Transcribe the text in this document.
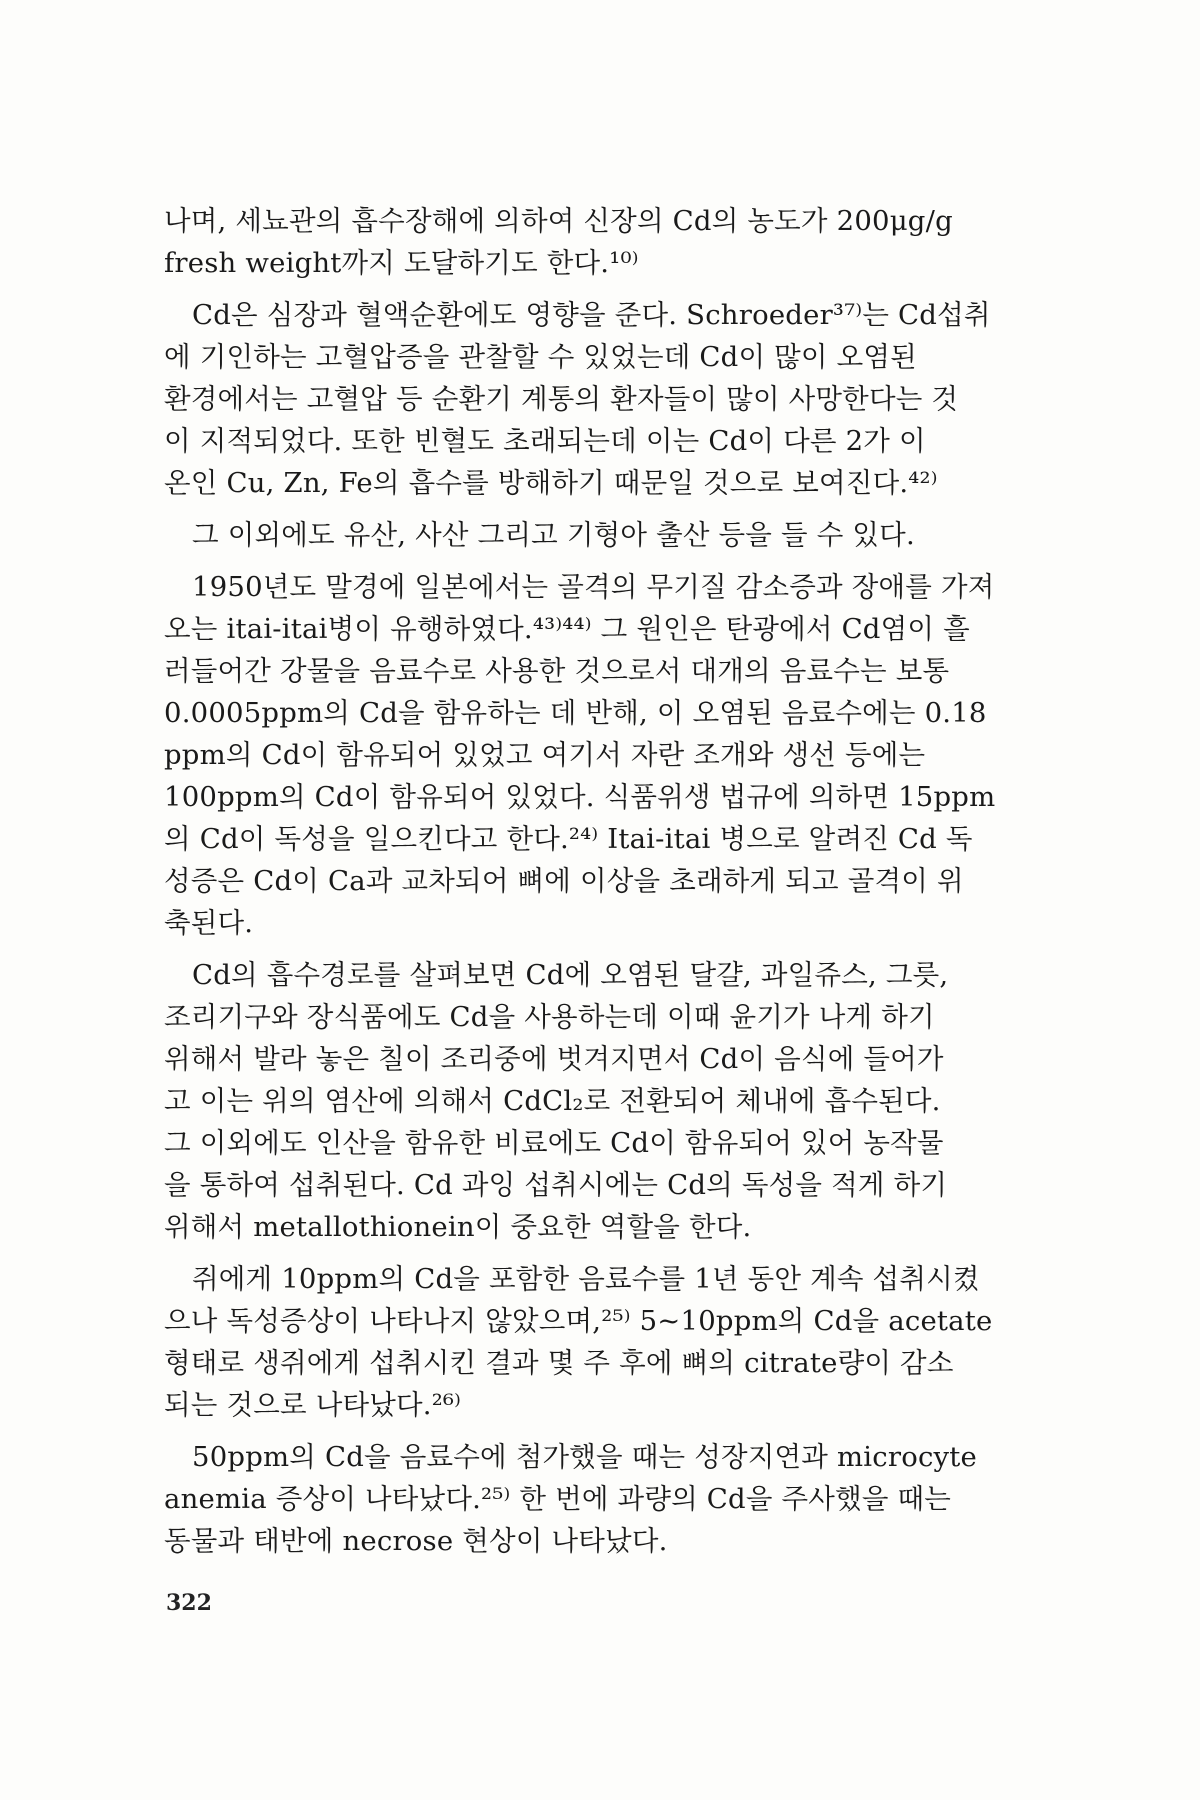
나며, 세뇨관의 흡수장해에 의하여 신장의 Cd의 농도가 200μg/g
fresh weight까지 도달하기도 한다.¹⁰⁾
Cd은 심장과 혈액순환에도 영향을 준다. Schroeder³⁷⁾는 Cd섭취
에 기인하는 고혈압증을 관찰할 수 있었는데 Cd이 많이 오염된
환경에서는 고혈압 등 순환기 계통의 환자들이 많이 사망한다는 것
이 지적되었다. 또한 빈혈도 초래되는데 이는 Cd이 다른 2가 이
온인 Cu, Zn, Fe의 흡수를 방해하기 때문일 것으로 보여진다.⁴²⁾
그 이외에도 유산, 사산 그리고 기형아 출산 등을 들 수 있다.
1950년도 말경에 일본에서는 골격의 무기질 감소증과 장애를 가져
오는 itai-itai병이 유행하였다.⁴³⁾⁴⁴⁾ 그 원인은 탄광에서 Cd염이 흘
러들어간 강물을 음료수로 사용한 것으로서 대개의 음료수는 보통
0.0005ppm의 Cd을 함유하는 데 반해, 이 오염된 음료수에는 0.18
ppm의 Cd이 함유되어 있었고 여기서 자란 조개와 생선 등에는
100ppm의 Cd이 함유되어 있었다. 식품위생 법규에 의하면 15ppm
의 Cd이 독성을 일으킨다고 한다.²⁴⁾ Itai-itai 병으로 알려진 Cd 독
성증은 Cd이 Ca과 교차되어 뼈에 이상을 초래하게 되고 골격이 위
축된다.
Cd의 흡수경로를 살펴보면 Cd에 오염된 달걀, 과일쥬스, 그릇,
조리기구와 장식품에도 Cd을 사용하는데 이때 윤기가 나게 하기
위해서 발라 놓은 칠이 조리중에 벗겨지면서 Cd이 음식에 들어가
고 이는 위의 염산에 의해서 CdCl₂로 전환되어 체내에 흡수된다.
그 이외에도 인산을 함유한 비료에도 Cd이 함유되어 있어 농작물
을 통하여 섭취된다. Cd 과잉 섭취시에는 Cd의 독성을 적게 하기
위해서 metallothionein이 중요한 역할을 한다.
쥐에게 10ppm의 Cd을 포함한 음료수를 1년 동안 계속 섭취시켰
으나 독성증상이 나타나지 않았으며,²⁵⁾ 5~10ppm의 Cd을 acetate
형태로 생쥐에게 섭취시킨 결과 몇 주 후에 뼈의 citrate량이 감소
되는 것으로 나타났다.²⁶⁾
50ppm의 Cd을 음료수에 첨가했을 때는 성장지연과 microcyte
anemia 증상이 나타났다.²⁵⁾ 한 번에 과량의 Cd을 주사했을 때는
동물과 태반에 necrose 현상이 나타났다.
322
